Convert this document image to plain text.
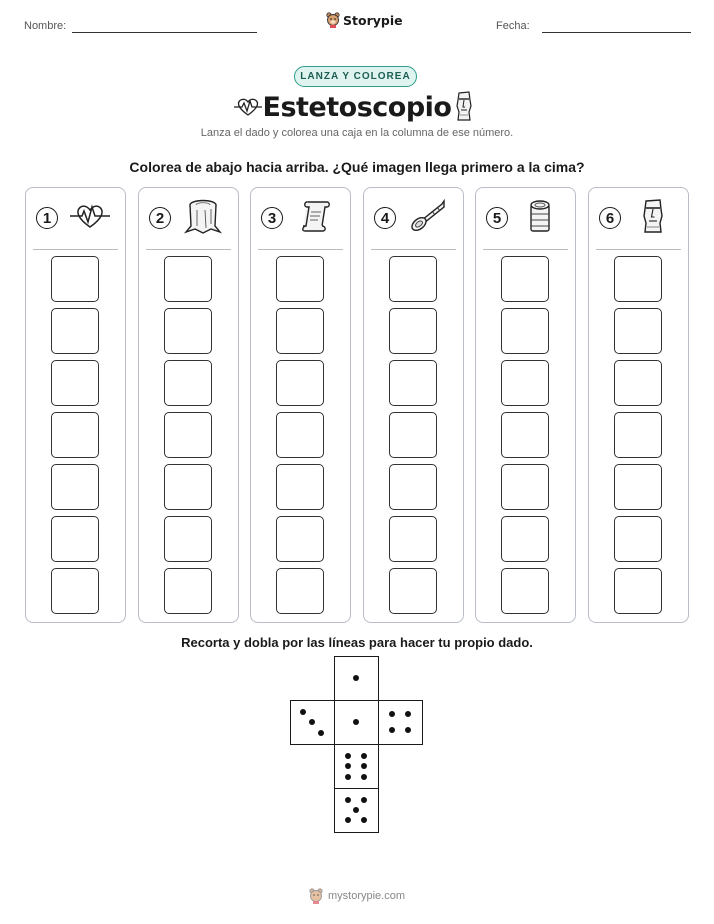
Nombre:	Storypie	Fecha:
LANZA Y COLOREA
Estetoscopio
Lanza el dado y colorea una caja en la columna de ese número.
Colorea de abajo hacia arriba. ¿Qué imagen llega primero a la cima?
1	2	3	4	5	6
Recorta y dobla por las líneas para hacer tu propio dado.
mystorypie.com
